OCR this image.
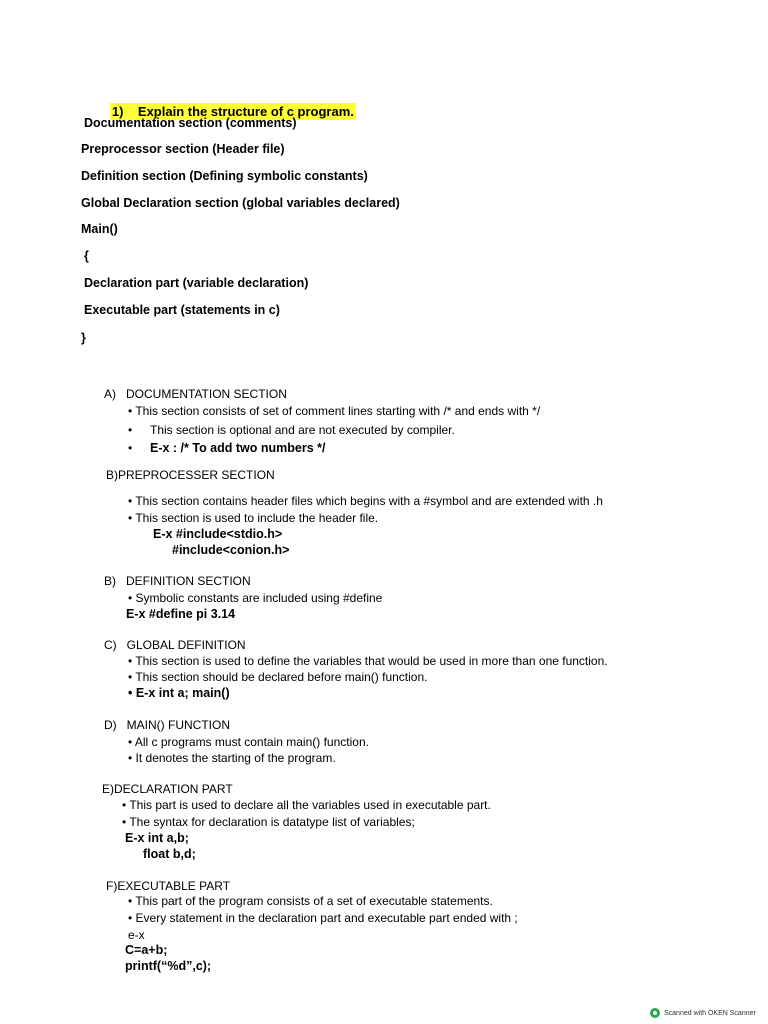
1) Explain the structure of c program.

Documentation section (comments)
Preprocessor section (Header file)
Definition section (Defining symbolic constants)
Global Declaration section (global variables declared)
Main()
{
Declaration part (variable declaration)
Executable part (statements in c)
}
A)   DOCUMENTATION SECTION
• This section consists of set of comment lines starting with /* and ends with */
• This section is optional and are not executed by compiler.
• E-x : /* To add two numbers */
B)PREPROCESSER SECTION
• This section contains header files which begins with a #symbol and are extended with .h
• This section is used to include the header file.
E-x #include<stdio.h>
#include<conion.h>
B)   DEFINITION SECTION
• Symbolic constants are included using #define
E-x #define pi 3.14
C)   GLOBAL DEFINITION
• This section is used to define the variables that would be used in more than one function.
• This section should be declared before main() function.
• E-x int a; main()
D)   MAIN() FUNCTION
• All c programs must contain main() function.
• It denotes the starting of the program.
E)DECLARATION PART
• This part is used to declare all the variables used in executable part.
• The syntax for declaration is datatype list of variables;
E-x int a,b;
float b,d;
F)EXECUTABLE PART
• This part of the program consists of a set of executable statements.
• Every statement in the declaration part and executable part ended with ;
e-x
C=a+b;
printf(“%d”,c);
Scanned with OKEN Scanner
